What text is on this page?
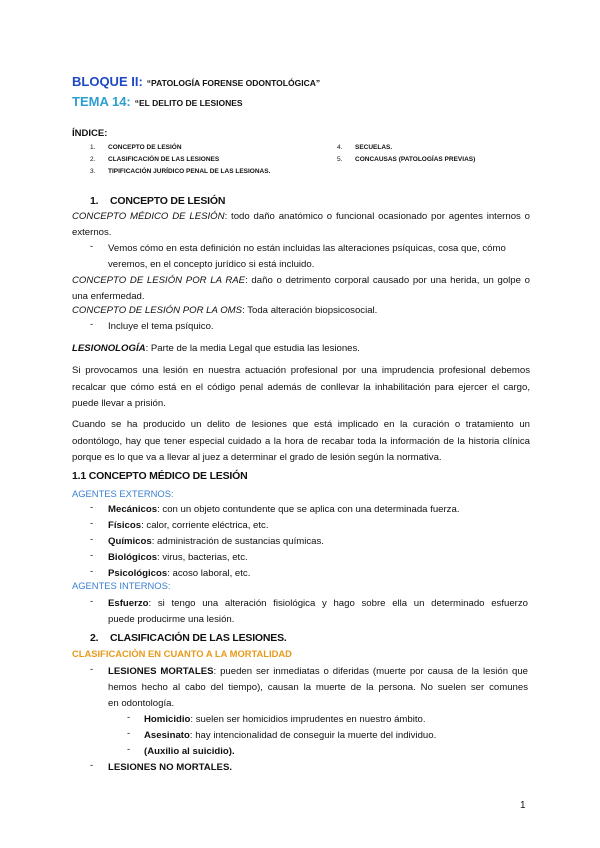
BLOQUE II: “PATOLOGÍA FORENSE ODONTOLÓGICA”
TEMA 14: “EL DELITO DE LESIONES
ÍNDICE:
1. CONCEPTO DE LESIÓN
2. CLASIFICACIÓN DE LAS LESIONES
3. TIPIFICACIÓN JURÍDICO PENAL DE LAS LESIONAS.
4. SECUELAS.
5. CONCAUSAS (PATOLOGÍAS PREVIAS)
1. CONCEPTO DE LESIÓN
CONCEPTO MÉDICO DE LESIÓN: todo daño anatómico o funcional ocasionado por agentes internos o externos.
- Vemos cómo en esta definición no están incluidas las alteraciones psíquicas, cosa que, cómo
veremos, en el concepto jurídico si está incluido.
CONCEPTO DE LESIÓN POR LA RAE: daño o detrimento corporal causado por una herida, un golpe o una enfermedad.
CONCEPTO DE LESIÓN POR LA OMS: Toda alteración biopsicosocial.
- Incluye el tema psíquico.
LESIONOLOGÍA: Parte de la media Legal que estudia las lesiones.
Si provocamos una lesión en nuestra actuación profesional por una imprudencia profesional debemos recalcar que cómo está en el código penal además de conllevar la inhabilitación para ejercer el cargo, puede llevar a prisión.
Cuando se ha producido un delito de lesiones que está implicado en la curación o tratamiento un odontólogo, hay que tener especial cuidado a la hora de recabar toda la información de la historia clínica porque es lo que va a llevar al juez a determinar el grado de lesión según la normativa.
1.1 CONCEPTO MÉDICO DE LESIÓN
AGENTES EXTERNOS:
- Mecánicos: con un objeto contundente que se aplica con una determinada fuerza.
- Físicos: calor, corriente eléctrica, etc.
- Químicos: administración de sustancias químicas.
- Biológicos: virus, bacterias, etc.
- Psicológicos: acoso laboral, etc.
AGENTES INTERNOS:
- Esfuerzo: si tengo una alteración fisiológica y hago sobre ella un determinado esfuerzo
puede producirme una lesión.
2. CLASIFICACIÓN DE LAS LESIONES.
CLASIFICACIÒN EN CUANTO A LA MORTALIDAD
- LESIONES MORTALES: pueden ser inmediatas o diferidas (muerte por causa de la lesión que
hemos hecho al cabo del tiempo), causan la muerte de la persona. No suelen ser comunes
en odontología.
- Homicidio: suelen ser homicidios imprudentes en nuestro ámbito.
- Asesinato: hay intencionalidad de conseguir la muerte del individuo.
- (Auxilio al suicidio).
- LESIONES NO MORTALES.
1
